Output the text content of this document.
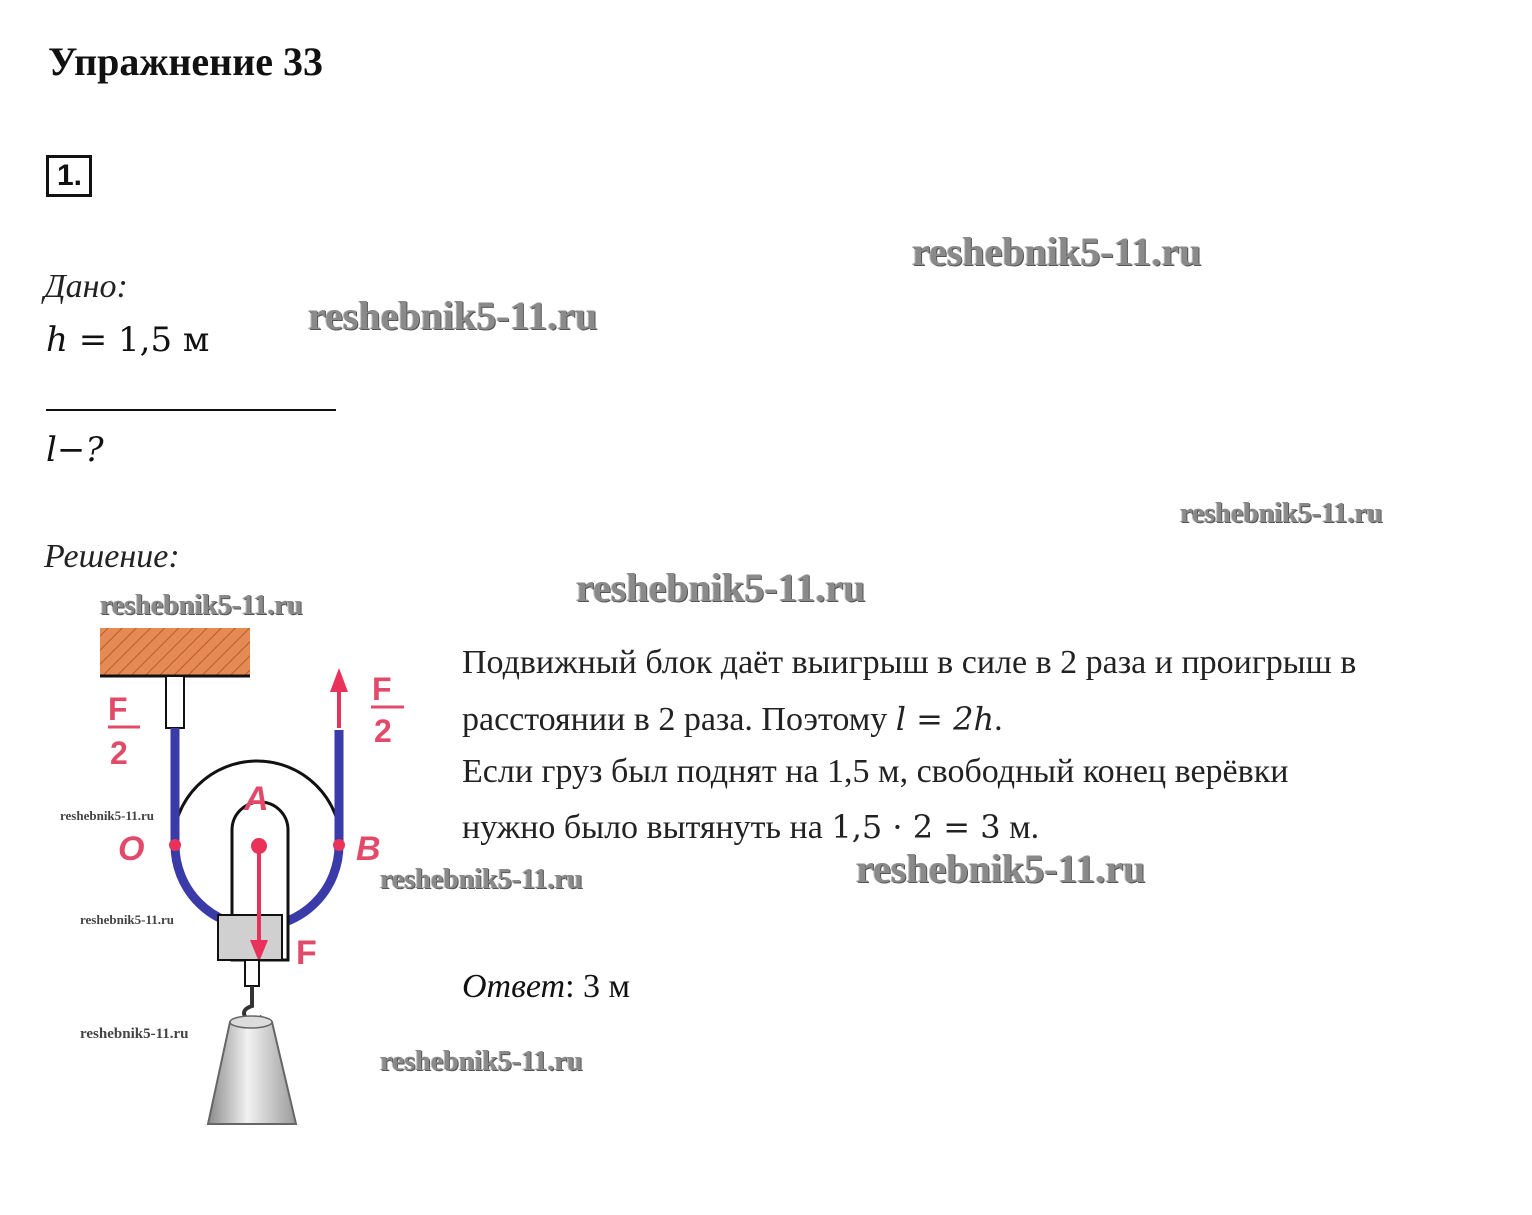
Упражнение 33
1.
Дано:
h = 1,5 м
l−?
Решение:
Подвижный блок даёт выигрыш в силе в 2 раза и проигрыш в
расстоянии в 2 раза. Поэтому l = 2h.
Если груз был поднят на 1,5 м, свободный конец верёвки
нужно было вытянуть на 1,5 · 2 = 3 м.
Ответ: 3 м
F
2
F
2
A
O	B
F
reshebnik5-11.ru
reshebnik5-11.ru
reshebnik5-11.ru
reshebnik5-11.ru
reshebnik5-11.ru
reshebnik5-11.ru
reshebnik5-11.ru
reshebnik5-11.ru
reshebnik5-11.ru
reshebnik5-11.ru
reshebnik5-11.ru
